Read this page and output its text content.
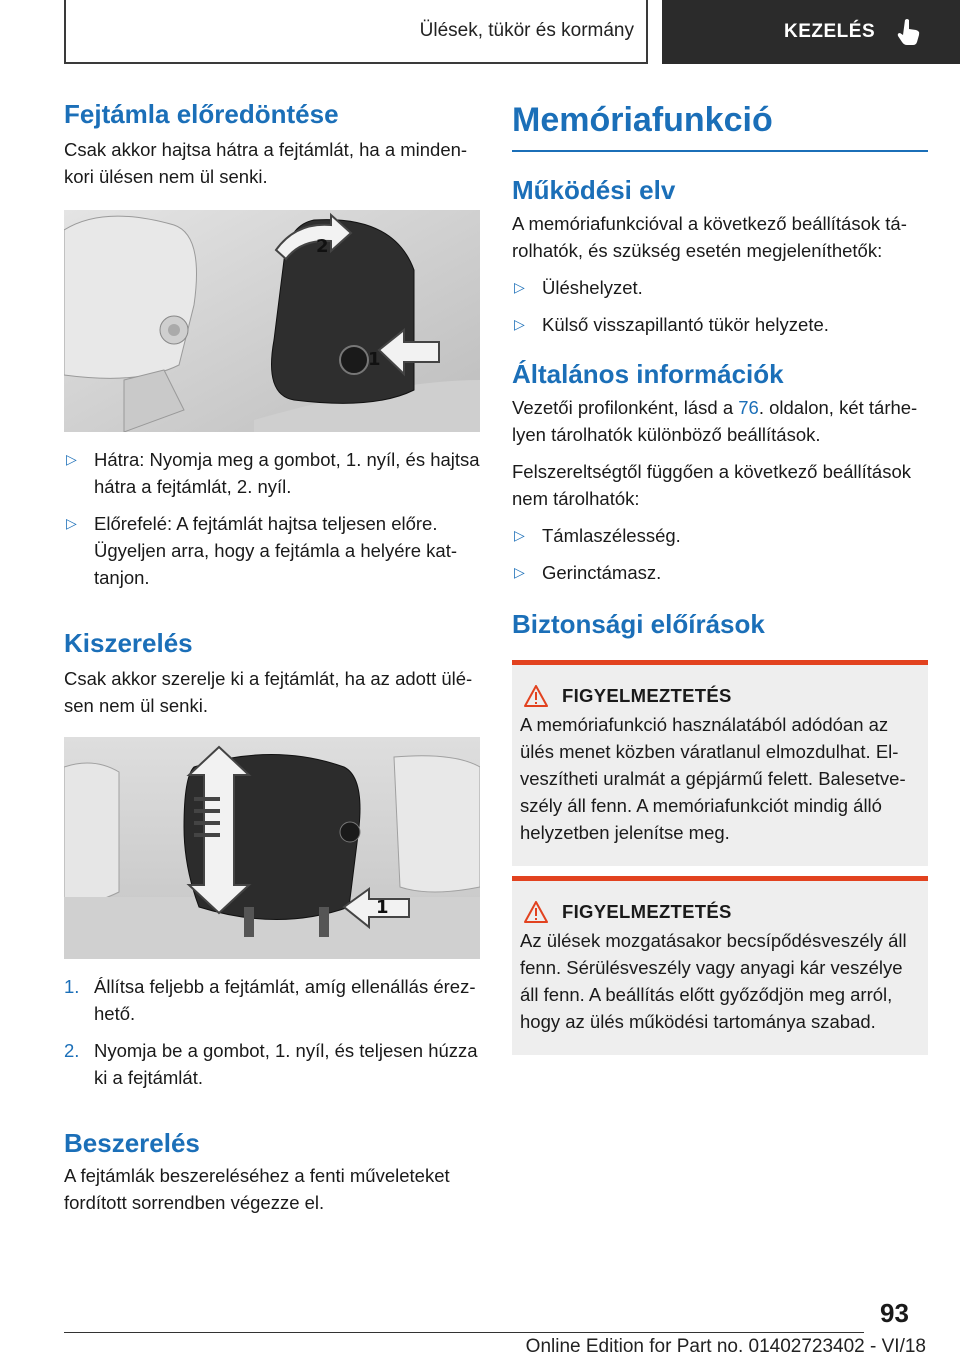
Ülések, tükör és kormány	KEZELÉS
Fejtámla előredöntése

Csak akkor hajtsa hátra a fejtámlát, ha a minden-kori ülésen nem ül senki.

2
1
▷ Hátra: Nyomja meg a gombot, 1. nyíl, és hajtsa hátra a fejtámlát, 2. nyíl.
▷ Előrefelé: A fejtámlát hajtsa teljesen előre. Ügyeljen arra, hogy a fejtámla a helyére kat-tanjon.
Kiszerelés

Csak akkor szerelje ki a fejtámlát, ha az adott ülé-sen nem ül senki.

1
1. Állítsa feljebb a fejtámlát, amíg ellenállás érez-hető.
2. Nyomja be a gombot, 1. nyíl, és teljesen húzza ki a fejtámlát.
Beszerelés

A fejtámlák beszereléséhez a fenti műveleteket fordított sorrendben végezze el.

Memóriafunkció
Működési elv

A memóriafunkcióval a következő beállítások tá-rolhatók, és szükség esetén megjeleníthetők:

▷ Üléshelyzet.
▷ Külső visszapillantó tükör helyzete.
Általános információk

Vezetői profilonként, lásd a 76. oldalon, két tárhe-lyen tárolhatók különböző beállítások.

Felszereltségtől függően a következő beállítások nem tárolhatók:

▷ Támlaszélesség.
▷ Gerinctámasz.
Biztonsági előírások
FIGYELMEZTETÉS

A memóriafunkció használatából adódóan az ülés menet közben váratlanul elmozdulhat. El-veszítheti uralmát a gépjármű felett. Balesetve-szély áll fenn. A memóriafunkciót mindig álló helyzetben jelenítse meg.

FIGYELMEZTETÉS

Az ülések mozgatásakor becsípődésveszély áll fenn. Sérülésveszély vagy anyagi kár veszélye áll fenn. A beállítás előtt győződjön meg arról, hogy az ülés működési tartománya szabad.

93
Online Edition for Part no. 01402723402 - VI/18
